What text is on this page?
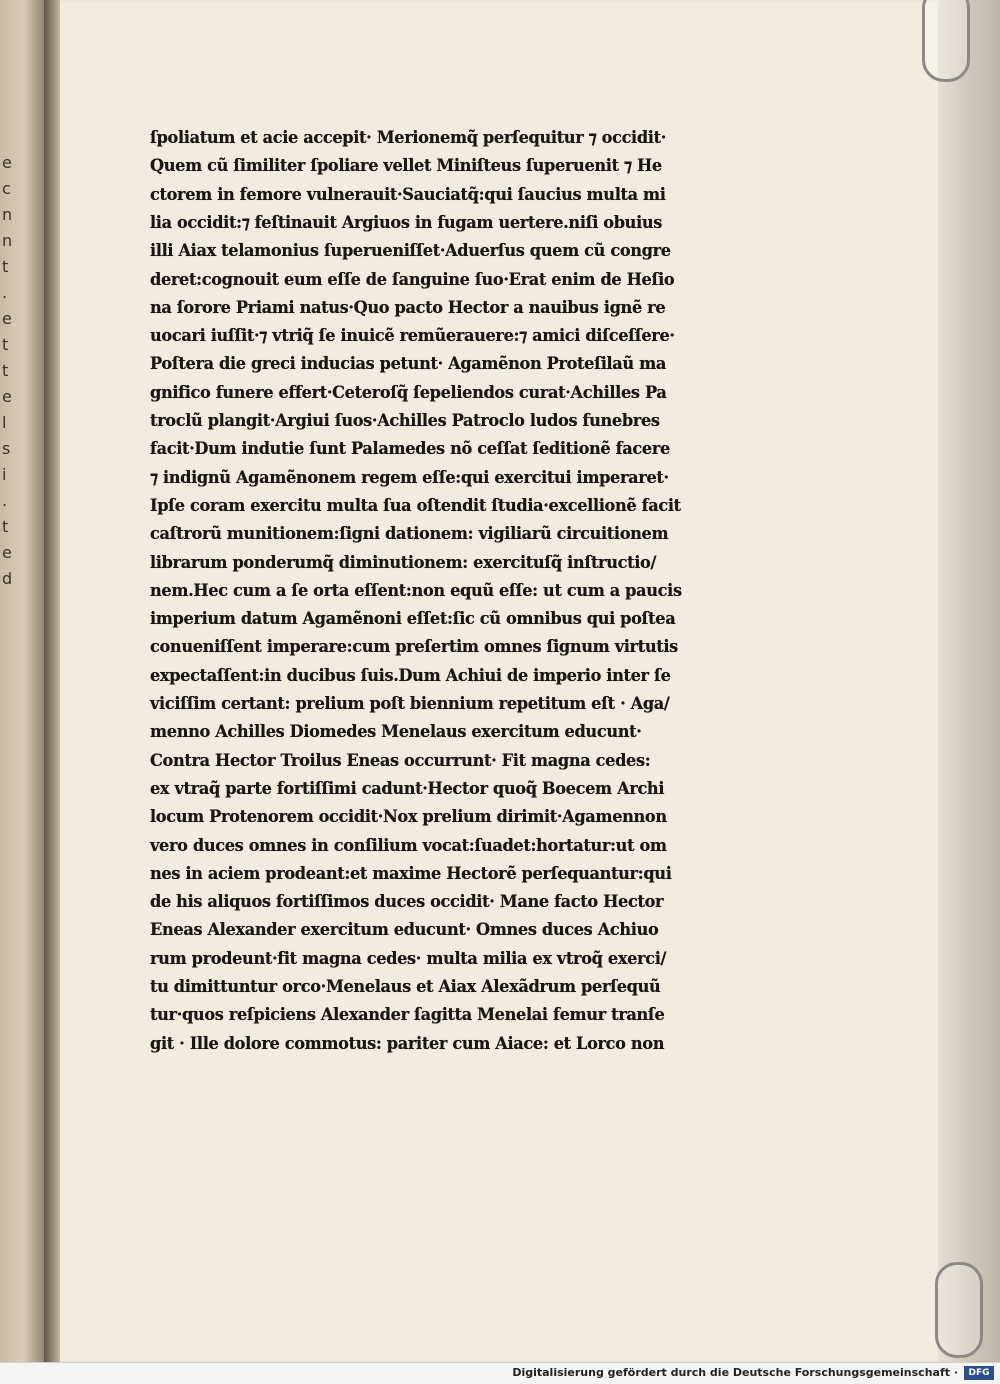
e
c
n
n
t
.
e
t
t
e
l
s
i
.
t
e
d
ſpoliatum et acie accepit· Merionemq̃ perſequitur ⁊ occidit·
Quem cũ ſimiliter ſpoliare vellet Miniſteus ſuperuenit ⁊ He
ctorem in femore vulnerauit·Sauciatq̃:qui ſaucius multa mi
lia occidit:⁊ feſtinauit Argiuos in fugam uertere.niſi obuius
illi Aiax telamonius ſuperueniſſet·Aduerſus quem cũ congre
deret:cognouit eum eſſe de ſanguine ſuo·Erat enim de Heſio
na ſorore Priami natus·Quo pacto Hector a nauibus ignẽ re
uocari iuſſit·⁊ vtriq̃ ſe inuicẽ remũerauere:⁊ amici diſceſſere·
Poſtera die greci inducias petunt· Agamẽnon Proteſilaũ ma
gnifico funere effert·Ceteroſq̃ ſepeliendos curat·Achilles Pa
troclũ plangit·Argiui ſuos·Achilles Patroclo ludos funebres
facit·Dum indutie ſunt Palamedes nõ ceſſat ſeditionẽ facere
⁊ indignũ Agamẽnonem regem eſſe:qui exercitui imperaret·
Ipſe coram exercitu multa ſua oſtendit ſtudia·excellionẽ facit
caſtrorũ munitionem:ſigni dationem: vigiliarũ circuitionem
librarum ponderumq̃ diminutionem: exercituſq̃ inſtructio/
nem.Hec cum a ſe orta eſſent:non equũ eſſe: ut cum a paucis
imperium datum Agamẽnoni eſſet:ſic cũ omnibus qui poſtea
conueniſſent imperare:cum preſertim omnes ſignum virtutis
expectaſſent:in ducibus ſuis.Dum Achiui de imperio inter ſe
viciſſim certant: prelium poſt biennium repetitum eſt · Aga/
menno Achilles Diomedes Menelaus exercitum educunt·
Contra Hector Troilus Eneas occurrunt· Fit magna cedes:
ex vtraq̃ parte fortiſſimi cadunt·Hector quoq̃ Boecem Archi
locum Protenorem occidit·Nox prelium dirimit·Agamennon
vero duces omnes in conſilium vocat:ſuadet:hortatur:ut om
nes in aciem prodeant:et maxime Hectorẽ perſequantur:qui
de his aliquos fortiſſimos duces occidit· Mane facto Hector
Eneas Alexander exercitum educunt· Omnes duces Achiuo
rum prodeunt·fit magna cedes· multa milia ex vtroq̃ exerci/
tu dimittuntur orco·Menelaus et Aiax Alexãdrum perſequũ
tur·quos reſpiciens Alexander ſagitta Menelai femur tranſe
git · Ille dolore commotus: pariter cum Aiace: et Lorco non
Digitalisierung gefördert durch die Deutsche Forschungsgemeinschaft ·	DFG
